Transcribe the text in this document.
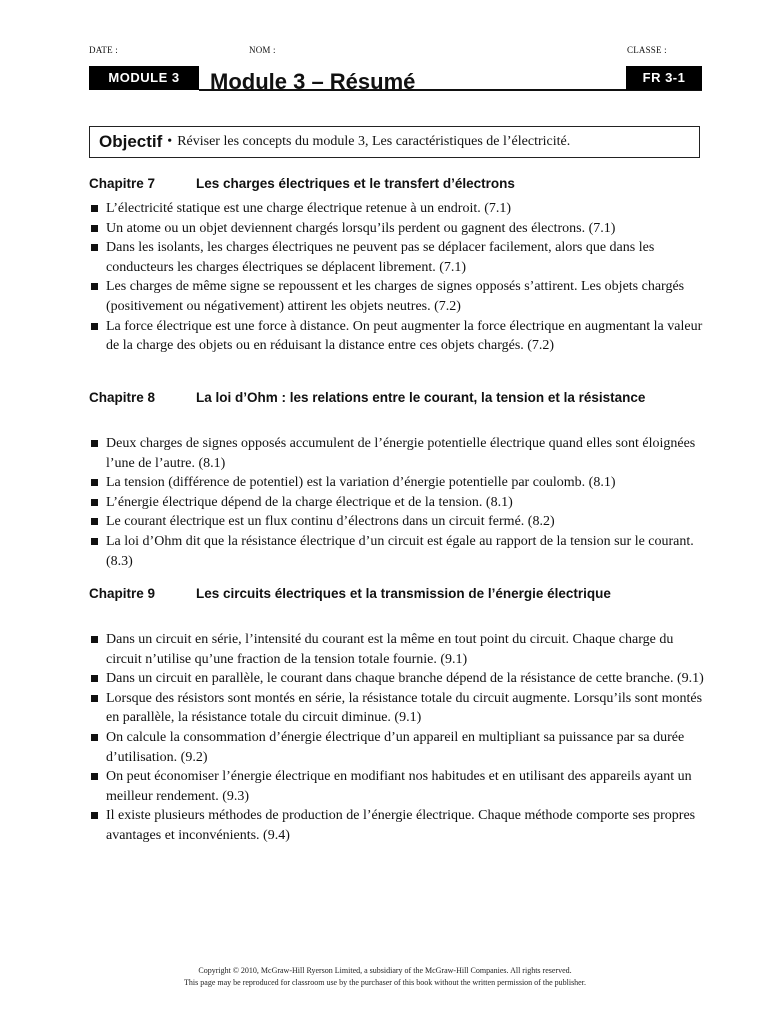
DATE :	NOM :	CLASSE :
MODULE 3	Module 3 – Résumé	FR 3-1
Objectif • Réviser les concepts du module 3, Les caractéristiques de l’électricité.
Chapitre 7	Les charges électriques et le transfert d’électrons
L’électricité statique est une charge électrique retenue à un endroit. (7.1)
Un atome ou un objet deviennent chargés lorsqu’ils perdent ou gagnent des électrons. (7.1)
Dans les isolants, les charges électriques ne peuvent pas se déplacer facilement, alors que dans les conducteurs les charges électriques se déplacent librement. (7.1)
Les charges de même signe se repoussent et les charges de signes opposés s’attirent. Les objets chargés (positivement ou négativement) attirent les objets neutres. (7.2)
La force électrique est une force à distance. On peut augmenter la force électrique en augmentant la valeur de la charge des objets ou en réduisant la distance entre ces objets chargés. (7.2)
Chapitre 8	La loi d’Ohm : les relations entre le courant, la tension et la résistance
Deux charges de signes opposés accumulent de l’énergie potentielle électrique quand elles sont éloignées l’une de l’autre. (8.1)
La tension (différence de potentiel) est la variation d’énergie potentielle par coulomb. (8.1)
L’énergie électrique dépend de la charge électrique et de la tension. (8.1)
Le courant électrique est un flux continu d’électrons dans un circuit fermé. (8.2)
La loi d’Ohm dit que la résistance électrique d’un circuit est égale au rapport de la tension sur le courant. (8.3)
Chapitre 9	Les circuits électriques et la transmission de l’énergie électrique
Dans un circuit en série, l’intensité du courant est la même en tout point du circuit. Chaque charge du circuit n’utilise qu’une fraction de la tension totale fournie. (9.1)
Dans un circuit en parallèle, le courant dans chaque branche dépend de la résistance de cette branche. (9.1)
Lorsque des résistors sont montés en série, la résistance totale du circuit augmente. Lorsqu’ils sont montés en parallèle, la résistance totale du circuit diminue. (9.1)
On calcule la consommation d’énergie électrique d’un appareil en multipliant sa puissance par sa durée d’utilisation. (9.2)
On peut économiser l’énergie électrique en modifiant nos habitudes et en utilisant des appareils ayant un meilleur rendement. (9.3)
Il existe plusieurs méthodes de production de l’énergie électrique. Chaque méthode comporte ses propres avantages et inconvénients. (9.4)
Copyright © 2010, McGraw-Hill Ryerson Limited, a subsidiary of the McGraw-Hill Companies. All rights reserved.
This page may be reproduced for classroom use by the purchaser of this book without the written permission of the publisher.
